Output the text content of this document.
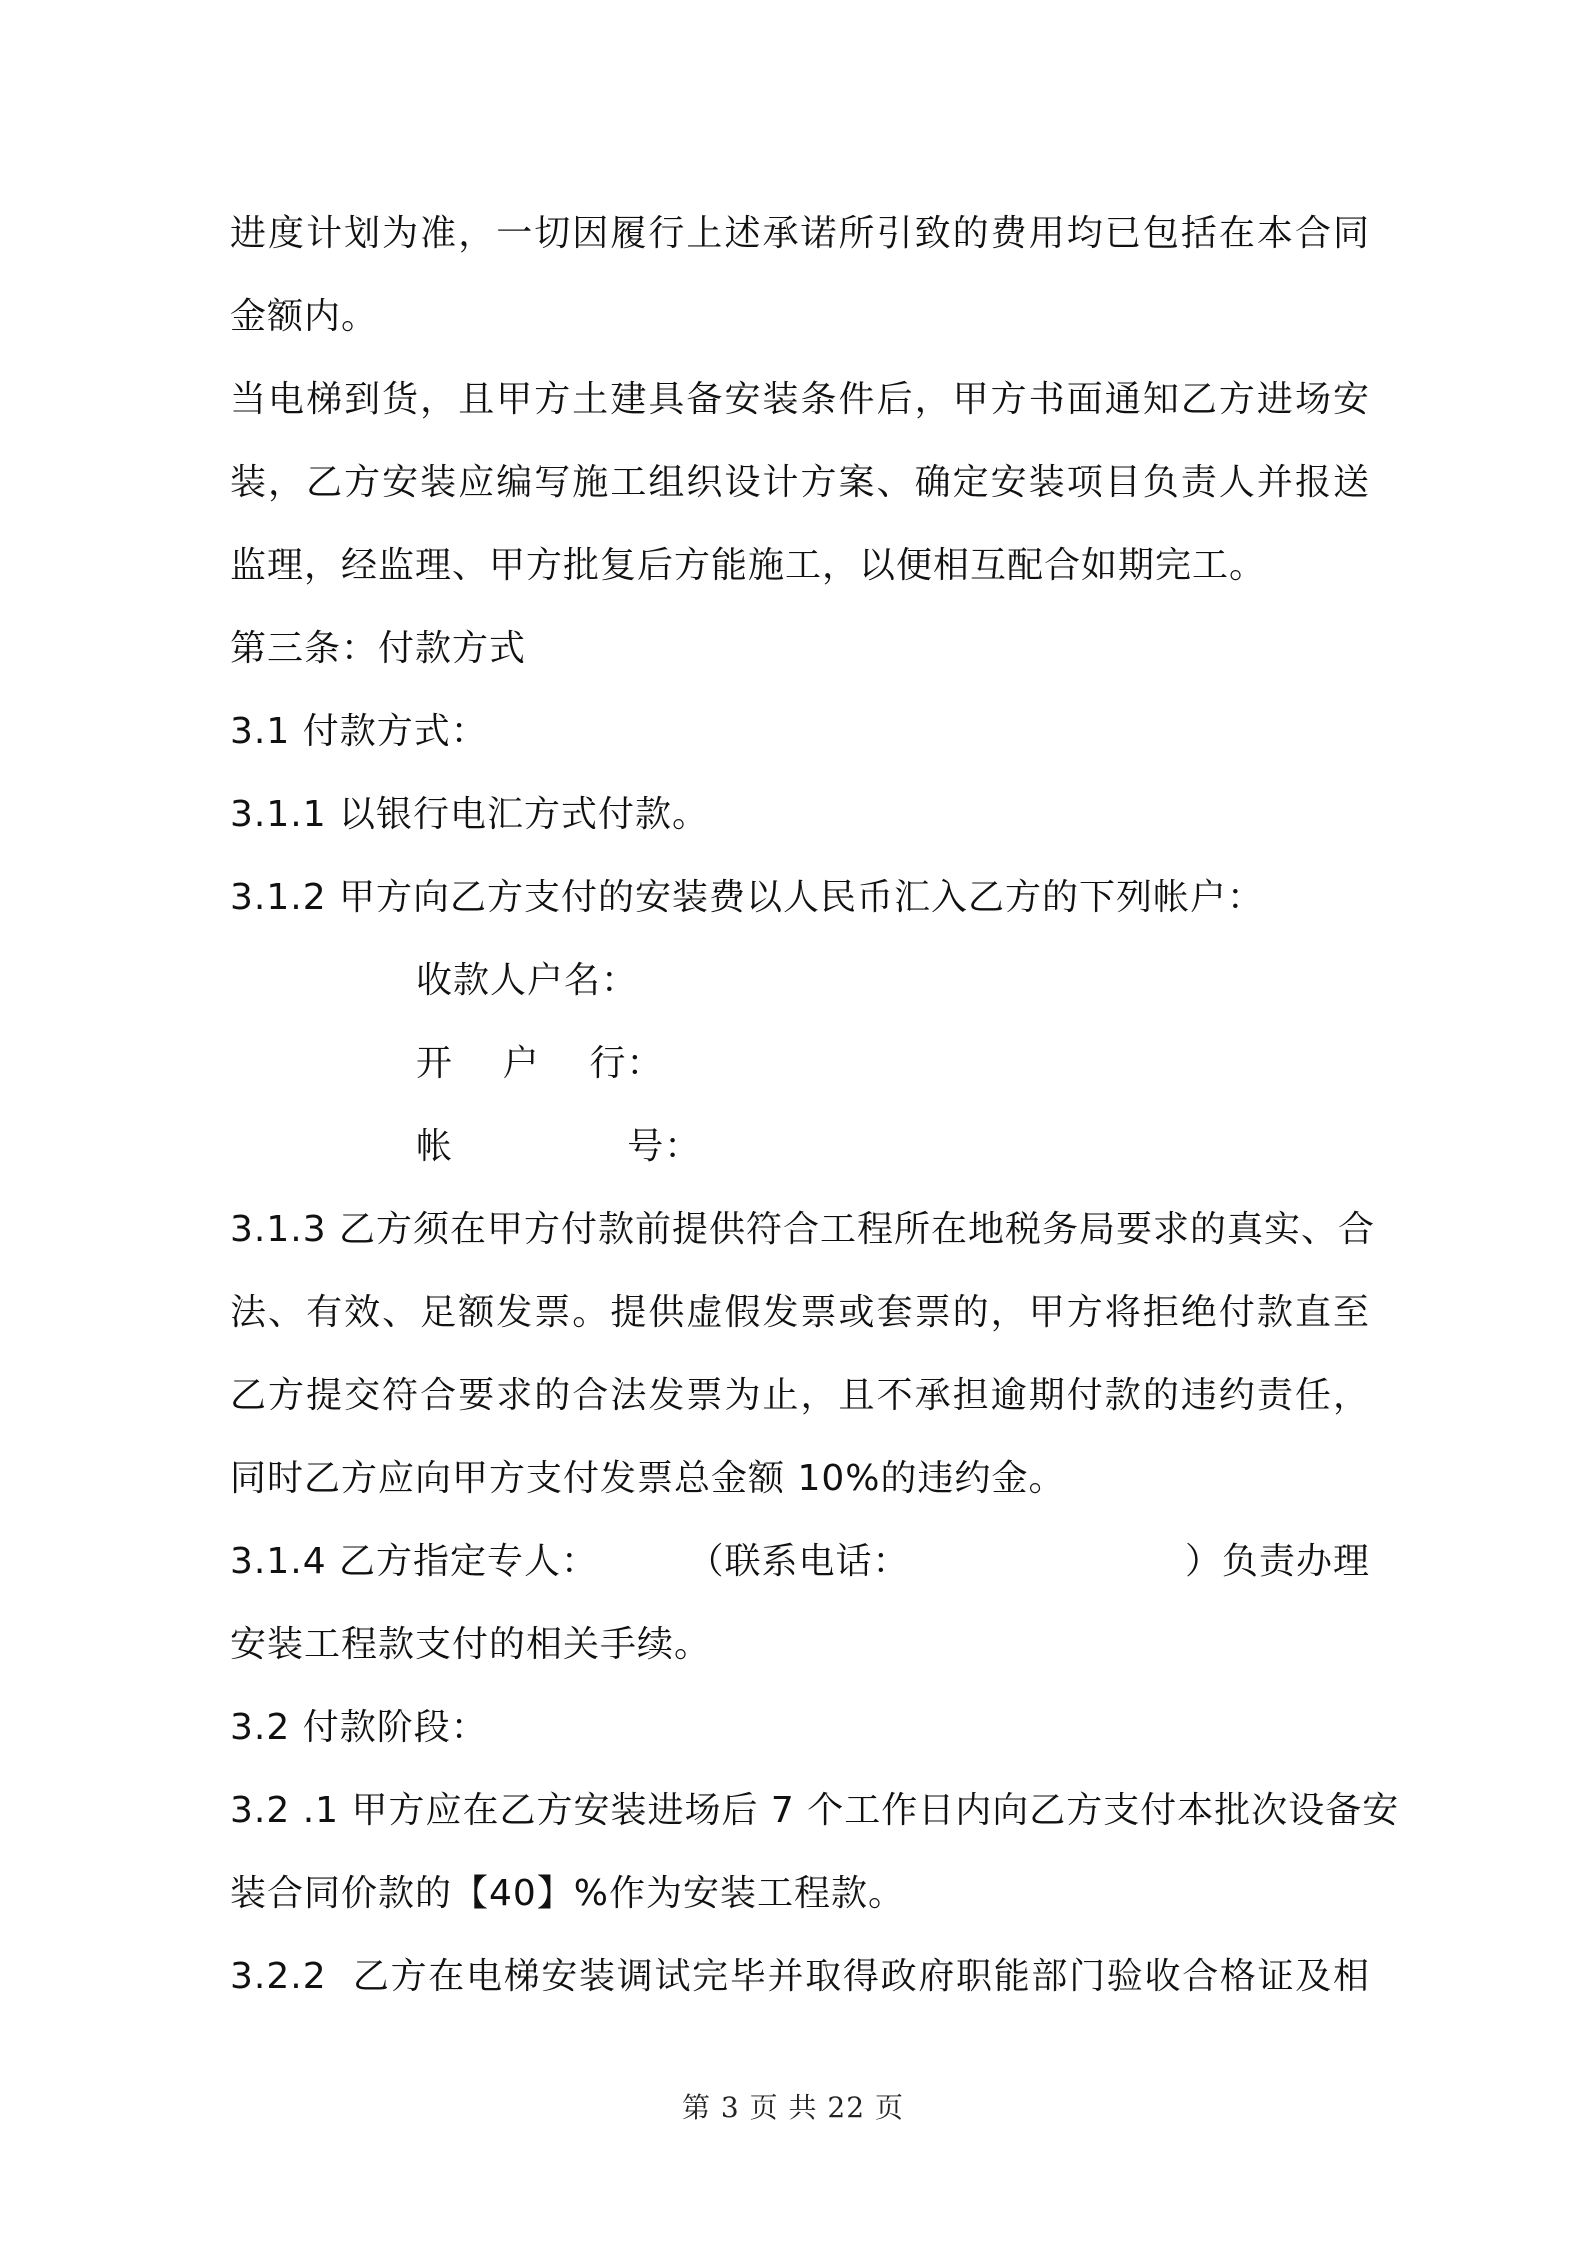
进度计划为准，一切因履行上述承诺所引致的费用均已包括在本合同
金额内。
当电梯到货，且甲方土建具备安装条件后，甲方书面通知乙方进场安
装，乙方安装应编写施工组织设计方案、确定安装项目负责人并报送
监理，经监理、甲方批复后方能施工，以便相互配合如期完工。
第三条：付款方式
3.1 付款方式：
3.1.1 以银行电汇方式付款。
3.1.2 甲方向乙方支付的安装费以人民币汇入乙方的下列帐户：
收款人户名：
开    户    行：
帐              号：
3.1.3 乙方须在甲方付款前提供符合工程所在地税务局要求的真实、合
法、有效、足额发票。提供虚假发票或套票的，甲方将拒绝付款直至
乙方提交符合要求的合法发票为止，且不承担逾期付款的违约责任，
同时乙方应向甲方支付发票总金额 10%的违约金。
3.1.4 乙方指定专人：	（联系电话：	）负责办理
安装工程款支付的相关手续。
3.2 付款阶段：
3.2 .1 甲方应在乙方安装进场后 7 个工作日内向乙方支付本批次设备安
装合同价款的【40】%作为安装工程款。
3.2.2  乙方在电梯安装调试完毕并取得政府职能部门验收合格证及相
第 3 页 共 22 页
